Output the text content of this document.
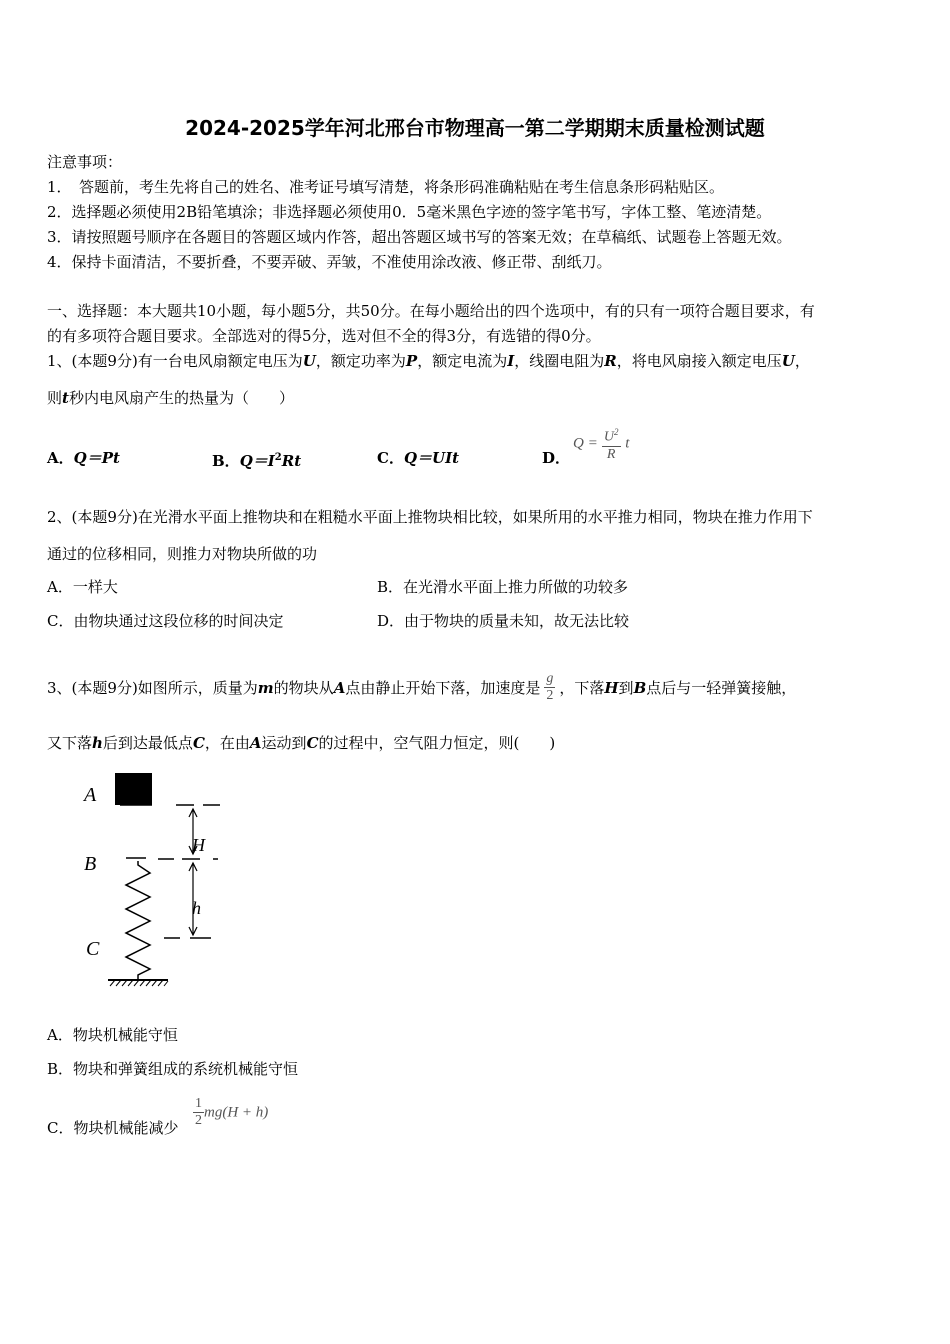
2024-2025学年河北邢台市物理高一第二学期期末质量检测试题
注意事项：
1．　答题前，考生先将自己的姓名、准考证号填写清楚，将条形码准确粘贴在考生信息条形码粘贴区。
2．选择题必须使用2B铅笔填涂；非选择题必须使用0．5毫米黑色字迹的签字笔书写，字体工整、笔迹清楚。
3．请按照题号顺序在各题目的答题区域内作答，超出答题区域书写的答案无效；在草稿纸、试题卷上答题无效。
4．保持卡面清洁，不要折叠，不要弄破、弄皱，不准使用涂改液、修正带、刮纸刀。
一、选择题：本大题共10小题，每小题5分，共50分。在每小题给出的四个选项中，有的只有一项符合题目要求，有
的有多项符合题目要求。全部选对的得5分，选对但不全的得3分，有选错的得0分。
1、(本题9分)有一台电风扇额定电压为U，额定功率为P，额定电流为I，线圈电阻为R，将电风扇接入额定电压U，
则t秒内电风扇产生的热量为（　　）
A．Q＝Pt	B．$Q=I^2Rt$	C．Q＝UIt	D．
$Q = \frac{U^2}{R}$ t
2、(本题9分)在光滑水平面上推物块和在粗糙水平面上推物块相比较，如果所用的水平推力相同，物块在推力作用下
通过的位移相同，则推力对物块所做的功
A．一样大	B．在光滑水平面上推力所做的功较多
C．由物块通过这段位移的时间决定	D．由于物块的质量未知，故无法比较
3、(本题9分)如图所示，质量为m的物块从A点由静止开始下落，加速度是 $\frac{g}{2}$ ，下落H到B点后与一轻弹簧接触，
又下落h后到达最低点C，在由A运动到C的过程中，空气阻力恒定，则(　　)
A
B
C
H
h
A．物块机械能守恒
B．物块和弹簧组成的系统机械能守恒
C．物块机械能减少 $\frac{1}{2} mg(H + h)$
